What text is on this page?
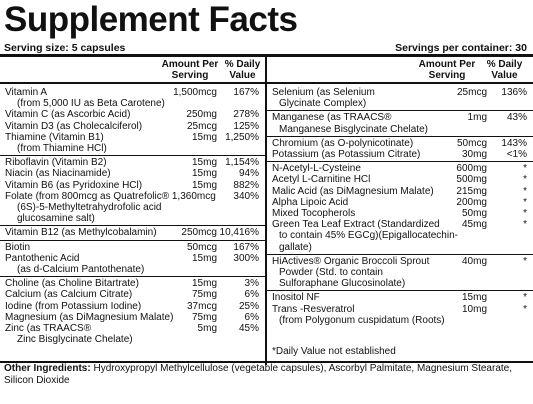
Supplement Facts
Serving size: 5 capsules	Servings per container: 30
Amount Per
Serving
% Daily
Value
Vitamin A	1,500mcg 167%
(from 5,000 IU as Beta Carotene)
Vitamin C (as Ascorbic Acid)	250mg 278%
Vitamin D3 (as Cholecalciferol)	25mcg 125%
Thiamine (Vitamin B1)	15mg 1,250%
(from Thiamine HCl)
Riboflavin (Vitamin B2)	15mg 1,154%
Niacin (as Niacinamide)	15mg 94%
Vitamin B6 (as Pyridoxine HCl)	15mg 882%
Folate (from 800mcg as Quatrefolic® 1,360mcg 340%
(6S)-5-Methyltetrahydrofolic acid
glucosamine salt)
Vitamin B12 (as Methylcobalamin) 250mcg 10,416%
Biotin	50mcg 167%
Pantothenic Acid	15mg 300%
(as d-Calcium Pantothenate)
Choline (as Choline Bitartrate)	15mg	3%
Calcium (as Calcium Citrate)	75mg	6%
Iodine (from Potassium Iodine)	37mcg 25%
Magnesium (as DiMagnesium Malate) 75mg	6%
Zinc (as TRAACS®	5mg 45%
Zinc Bisglycinate Chelate)
Amount Per
Serving
% Daily
Value
Selenium (as Selenium	25mcg 136%
Glycinate Complex)
Manganese (as TRAACS®	1mg 43%
Manganese Bisglycinate Chelate)
Chromium (as O-polynicotinate)	50mcg 143%
Potassium (as Potassium Citrate)	30mg <1%
N-Acetyl-L-Cysteine	600mg	*
Acetyl L-Carnitine HCl	500mg	*
Malic Acid (as DiMagnesium Malate) 215mg	*
Alpha Lipoic Acid	200mg	*
Mixed Tocopherols	50mg	*
Green Tea Leaf Extract (Standardized 45mg	*
to contain 45% EGCg)(Epigallocatechin-
gallate)
HiActives® Organic Broccoli Sprout	40mg	*
Powder (Std. to contain
Sulforaphane Glucosinolate)
Inositol NF	15mg	*
Trans -Resveratrol	10mg	*
(from Polygonum cuspidatum (Roots)
*Daily Value not established
Other Ingredients: Hydroxypropyl Methylcellulose (vegetable capsules), Ascorbyl Palmitate, Magnesium Stearate, Silicon Dioxide
